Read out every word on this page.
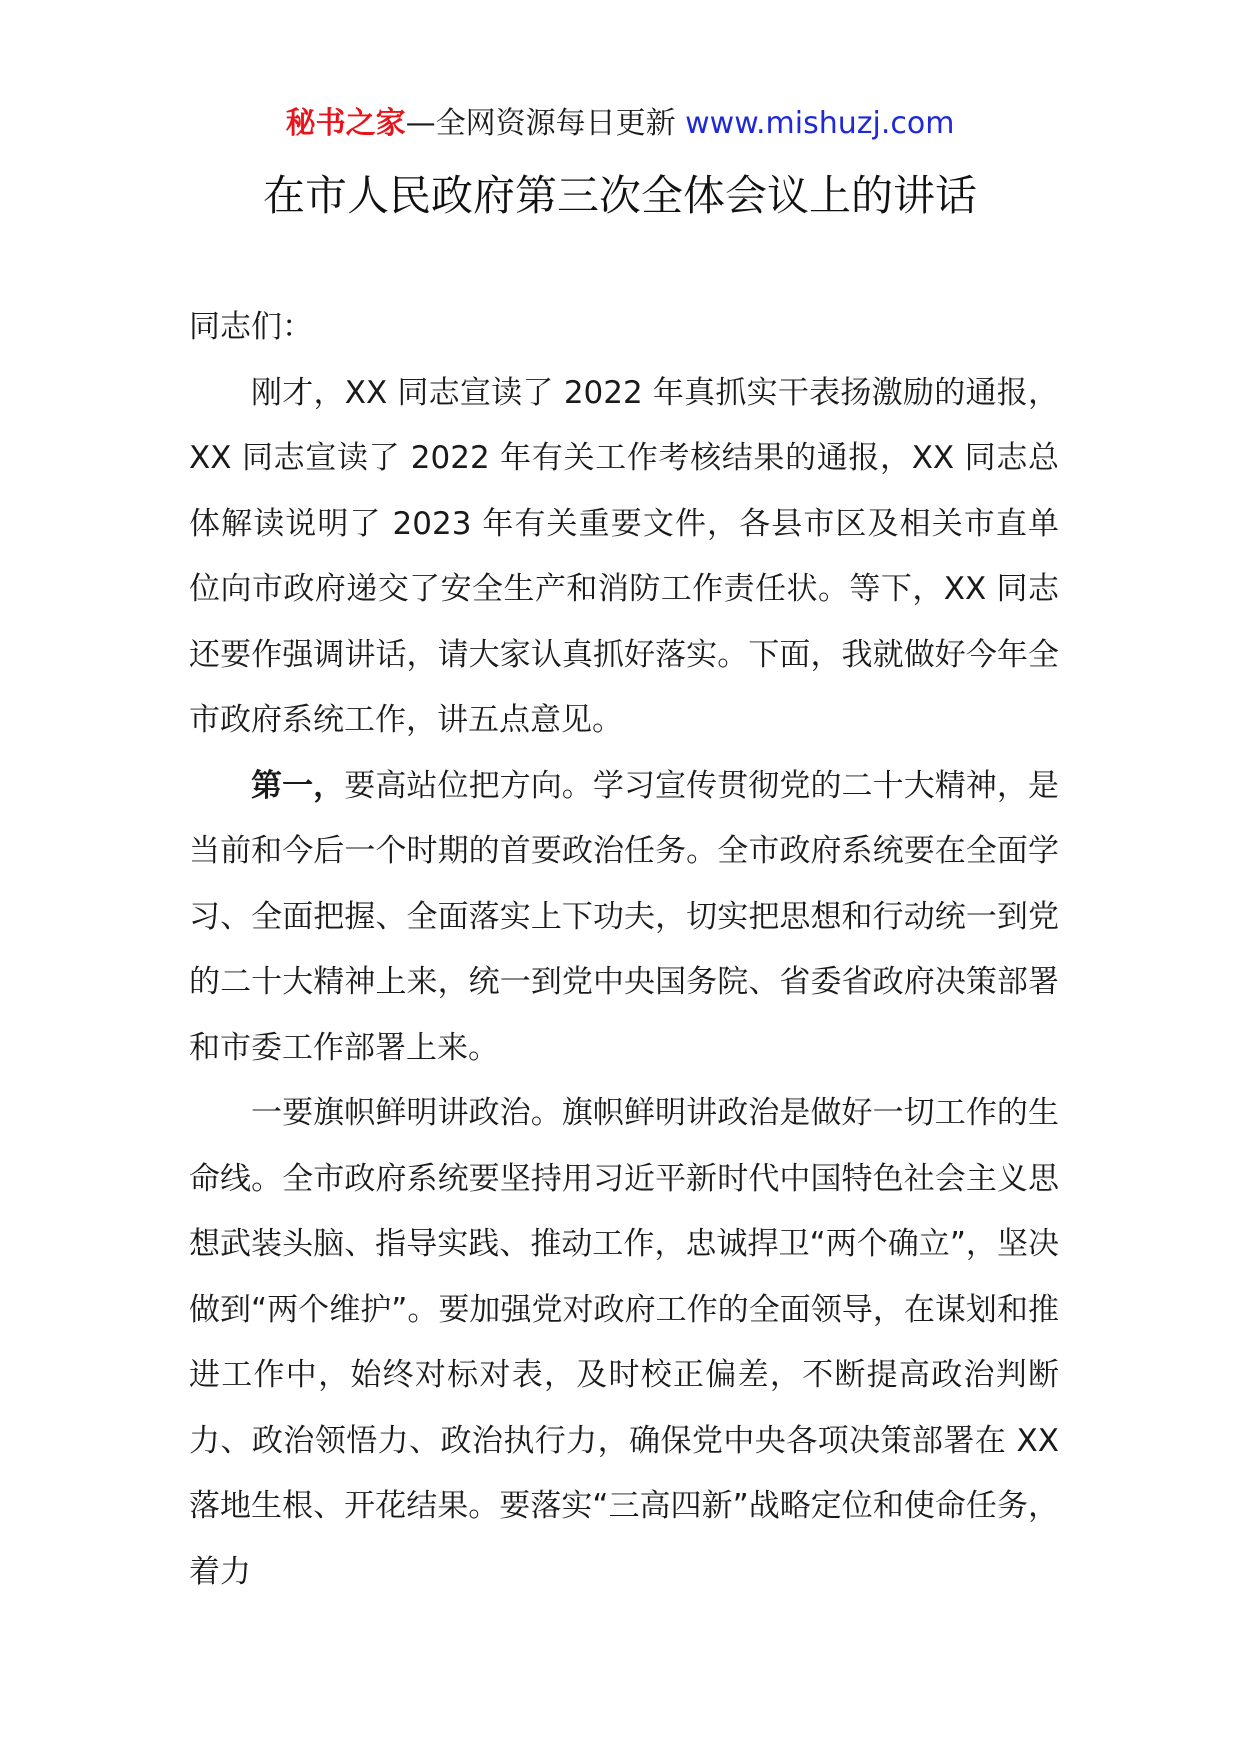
秘书之家—全网资源每日更新 www.mishuzj.com
在市人民政府第三次全体会议上的讲话

同志们：

刚才，XX 同志宣读了 2022 年真抓实干表扬激励的通报，XX 同志宣读了 2022 年有关工作考核结果的通报，XX 同志总体解读说明了 2023 年有关重要文件，各县市区及相关市直单位向市政府递交了安全生产和消防工作责任状。等下，XX 同志还要作强调讲话，请大家认真抓好落实。下面，我就做好今年全市政府系统工作，讲五点意见。

第一，要高站位把方向。学习宣传贯彻党的二十大精神，是当前和今后一个时期的首要政治任务。全市政府系统要在全面学习、全面把握、全面落实上下功夫，切实把思想和行动统一到党的二十大精神上来，统一到党中央国务院、省委省政府决策部署和市委工作部署上来。

一要旗帜鲜明讲政治。旗帜鲜明讲政治是做好一切工作的生命线。全市政府系统要坚持用习近平新时代中国特色社会主义思想武装头脑、指导实践、推动工作，忠诚捍卫“两个确立”，坚决做到“两个维护”。要加强党对政府工作的全面领导，在谋划和推进工作中，始终对标对表，及时校正偏差，不断提高政治判断力、政治领悟力、政治执行力，确保党中央各项决策部署在 XX 落地生根、开花结果。要落实“三高四新”战略定位和使命任务，着力
